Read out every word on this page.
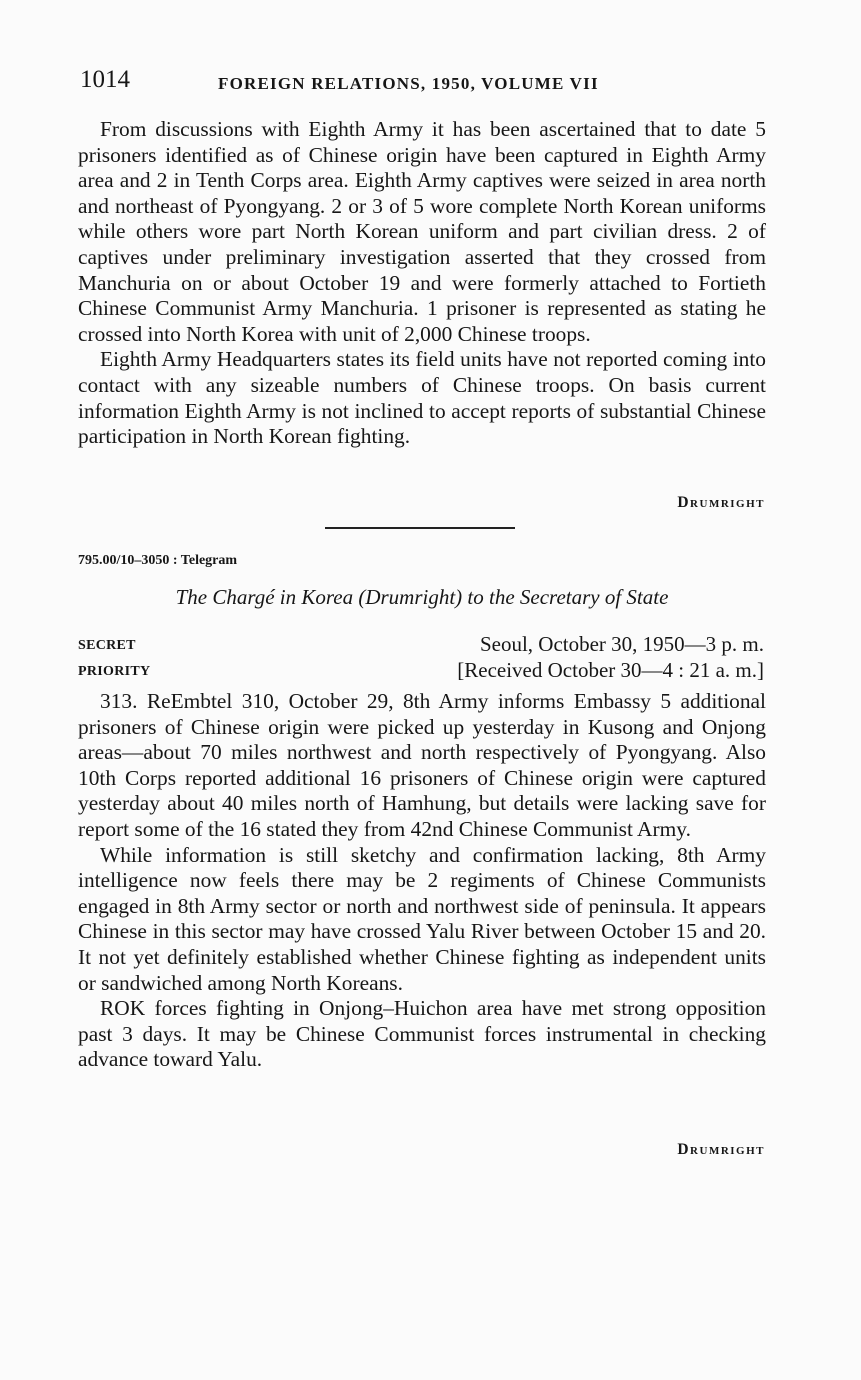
1014	FOREIGN RELATIONS, 1950, VOLUME VII

From discussions with Eighth Army it has been ascertained that to date 5 prisoners identified as of Chinese origin have been captured in Eighth Army area and 2 in Tenth Corps area. Eighth Army captives were seized in area north and northeast of Pyongyang. 2 or 3 of 5 wore complete North Korean uniforms while others wore part North Korean uniform and part civilian dress. 2 of captives under preliminary investigation asserted that they crossed from Manchuria on or about October 19 and were formerly attached to Fortieth Chinese Communist Army Manchuria. 1 prisoner is represented as stating he crossed into North Korea with unit of 2,000 Chinese troops.

Eighth Army Headquarters states its field units have not reported coming into contact with any sizeable numbers of Chinese troops. On basis current information Eighth Army is not inclined to accept reports of substantial Chinese participation in North Korean fighting.

Drumright
795.00/10–3050 : Telegram
The Chargé in Korea (Drumright) to the Secretary of State
SECRET	Seoul, October 30, 1950—3 p. m.
PRIORITY	[Received October 30—4 : 21 a. m.]

313. ReEmbtel 310, October 29, 8th Army informs Embassy 5 additional prisoners of Chinese origin were picked up yesterday in Kusong and Onjong areas—about 70 miles northwest and north respectively of Pyongyang. Also 10th Corps reported additional 16 prisoners of Chinese origin were captured yesterday about 40 miles north of Hamhung, but details were lacking save for report some of the 16 stated they from 42nd Chinese Communist Army.

While information is still sketchy and confirmation lacking, 8th Army intelligence now feels there may be 2 regiments of Chinese Communists engaged in 8th Army sector or north and northwest side of peninsula. It appears Chinese in this sector may have crossed Yalu River between October 15 and 20. It not yet definitely established whether Chinese fighting as independent units or sandwiched among North Koreans.

ROK forces fighting in Onjong–Huichon area have met strong opposition past 3 days. It may be Chinese Communist forces instrumental in checking advance toward Yalu.

Drumright
